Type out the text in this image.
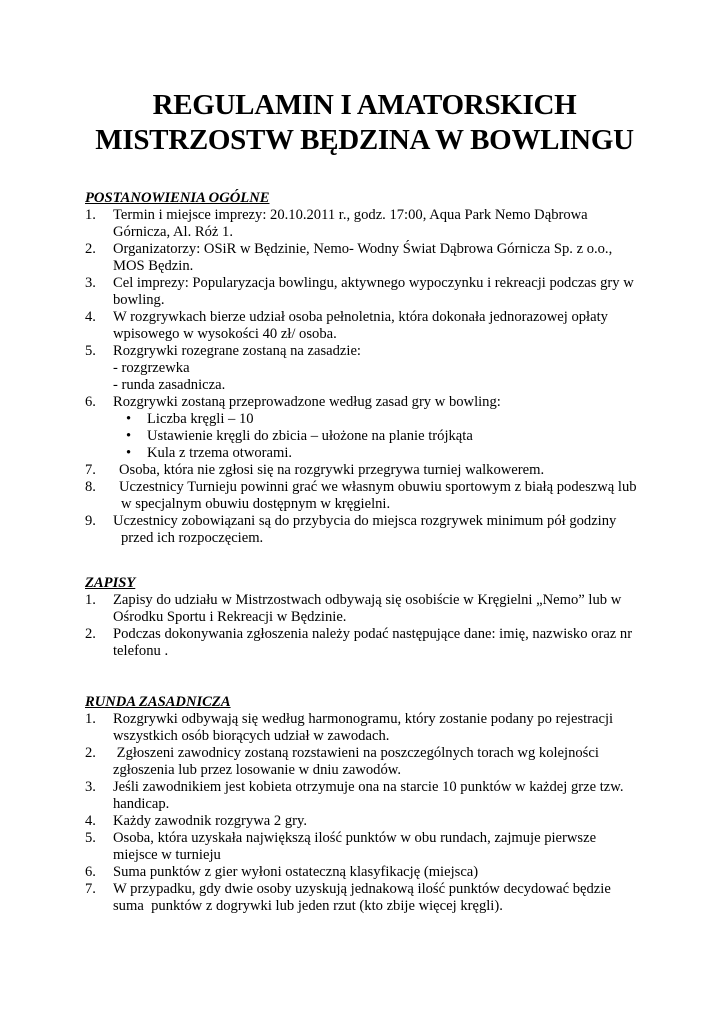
REGULAMIN I AMATORSKICH
MISTRZOSTW BĘDZINA W BOWLINGU

POSTANOWIENIA OGÓLNE

1. Termin i miejsce imprezy: 20.10.2011 r., godz. 17:00, Aqua Park Nemo Dąbrowa
Górnicza, Al. Róż 1.
2. Organizatorzy: OSiR w Będzinie, Nemo- Wodny Świat Dąbrowa Górnicza Sp. z o.o.,
MOS Będzin.
3. Cel imprezy: Popularyzacja bowlingu, aktywnego wypoczynku i rekreacji podczas gry w
bowling.
4. W rozgrywkach bierze udział osoba pełnoletnia, która dokonała jednorazowej opłaty
wpisowego w wysokości 40 zł/ osoba.
5. Rozgrywki rozegrane zostaną na zasadzie:
- rozgrzewka
- runda zasadnicza.
6. Rozgrywki zostaną przeprowadzone według zasad gry w bowling:
• Liczba kręgli – 10
• Ustawienie kręgli do zbicia – ułożone na planie trójkąta
• Kula z trzema otworami.
7.	Osoba, która nie zgłosi się na rozgrywki przegrywa turniej walkowerem.
8.	Uczestnicy Turnieju powinni grać we własnym obuwiu sportowym z białą podeszwą lub
w specjalnym obuwiu dostępnym w kręgielni.
9. Uczestnicy zobowiązani są do przybycia do miejsca rozgrywek minimum pół godziny
przed ich rozpoczęciem.

ZAPISY

1. Zapisy do udziału w Mistrzostwach odbywają się osobiście w Kręgielni „Nemo” lub w
Ośrodku Sportu i Rekreacji w Będzinie.
2. Podczas dokonywania zgłoszenia należy podać następujące dane: imię, nazwisko oraz nr
telefonu .

RUNDA ZASADNICZA

1. Rozgrywki odbywają się według harmonogramu, który zostanie podany po rejestracji
wszystkich osób biorących udział w zawodach.
2. Zgłoszeni zawodnicy zostaną rozstawieni na poszczególnych torach wg kolejności
zgłoszenia lub przez losowanie w dniu zawodów.
3. Jeśli zawodnikiem jest kobieta otrzymuje ona na starcie 10 punktów w każdej grze tzw.
handicap.
4. Każdy zawodnik rozgrywa 2 gry.
5. Osoba, która uzyskała największą ilość punktów w obu rundach, zajmuje pierwsze
miejsce w turnieju
6. Suma punktów z gier wyłoni ostateczną klasyfikację (miejsca)
7. W przypadku, gdy dwie osoby uzyskują jednakową ilość punktów decydować będzie
suma  punktów z dogrywki lub jeden rzut (kto zbije więcej kręgli).
